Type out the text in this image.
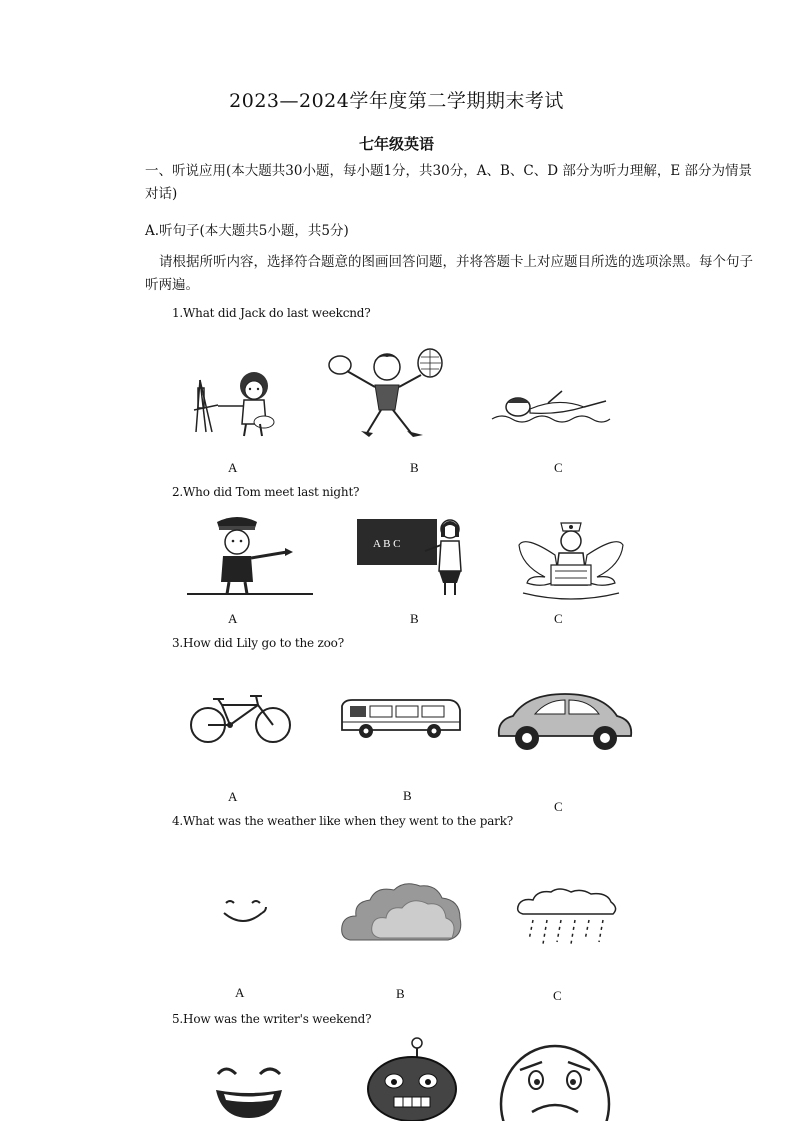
2023—2024学年度第二学期期末考试
七年级英语
一、听说应用(本大题共30小题，每小题1分，共30分，A、B、C、D 部分为听力理解，E 部分为情景对话)
A.听句子(本大题共5小题，共5分)
请根据所听内容，选择符合题意的图画回答问题，并将答题卡上对应题目所选的选项涂黑。每个句子听两遍。
1.What did Jack do last weekcnd?
A	B	C
2.Who did Tom meet last night?
A B C
A	B	C
3.How did Lily go to the zoo?
A	B
C
4.What was the weather like when they went to the park?
A	B	C
5.How was the writer's weekend?
